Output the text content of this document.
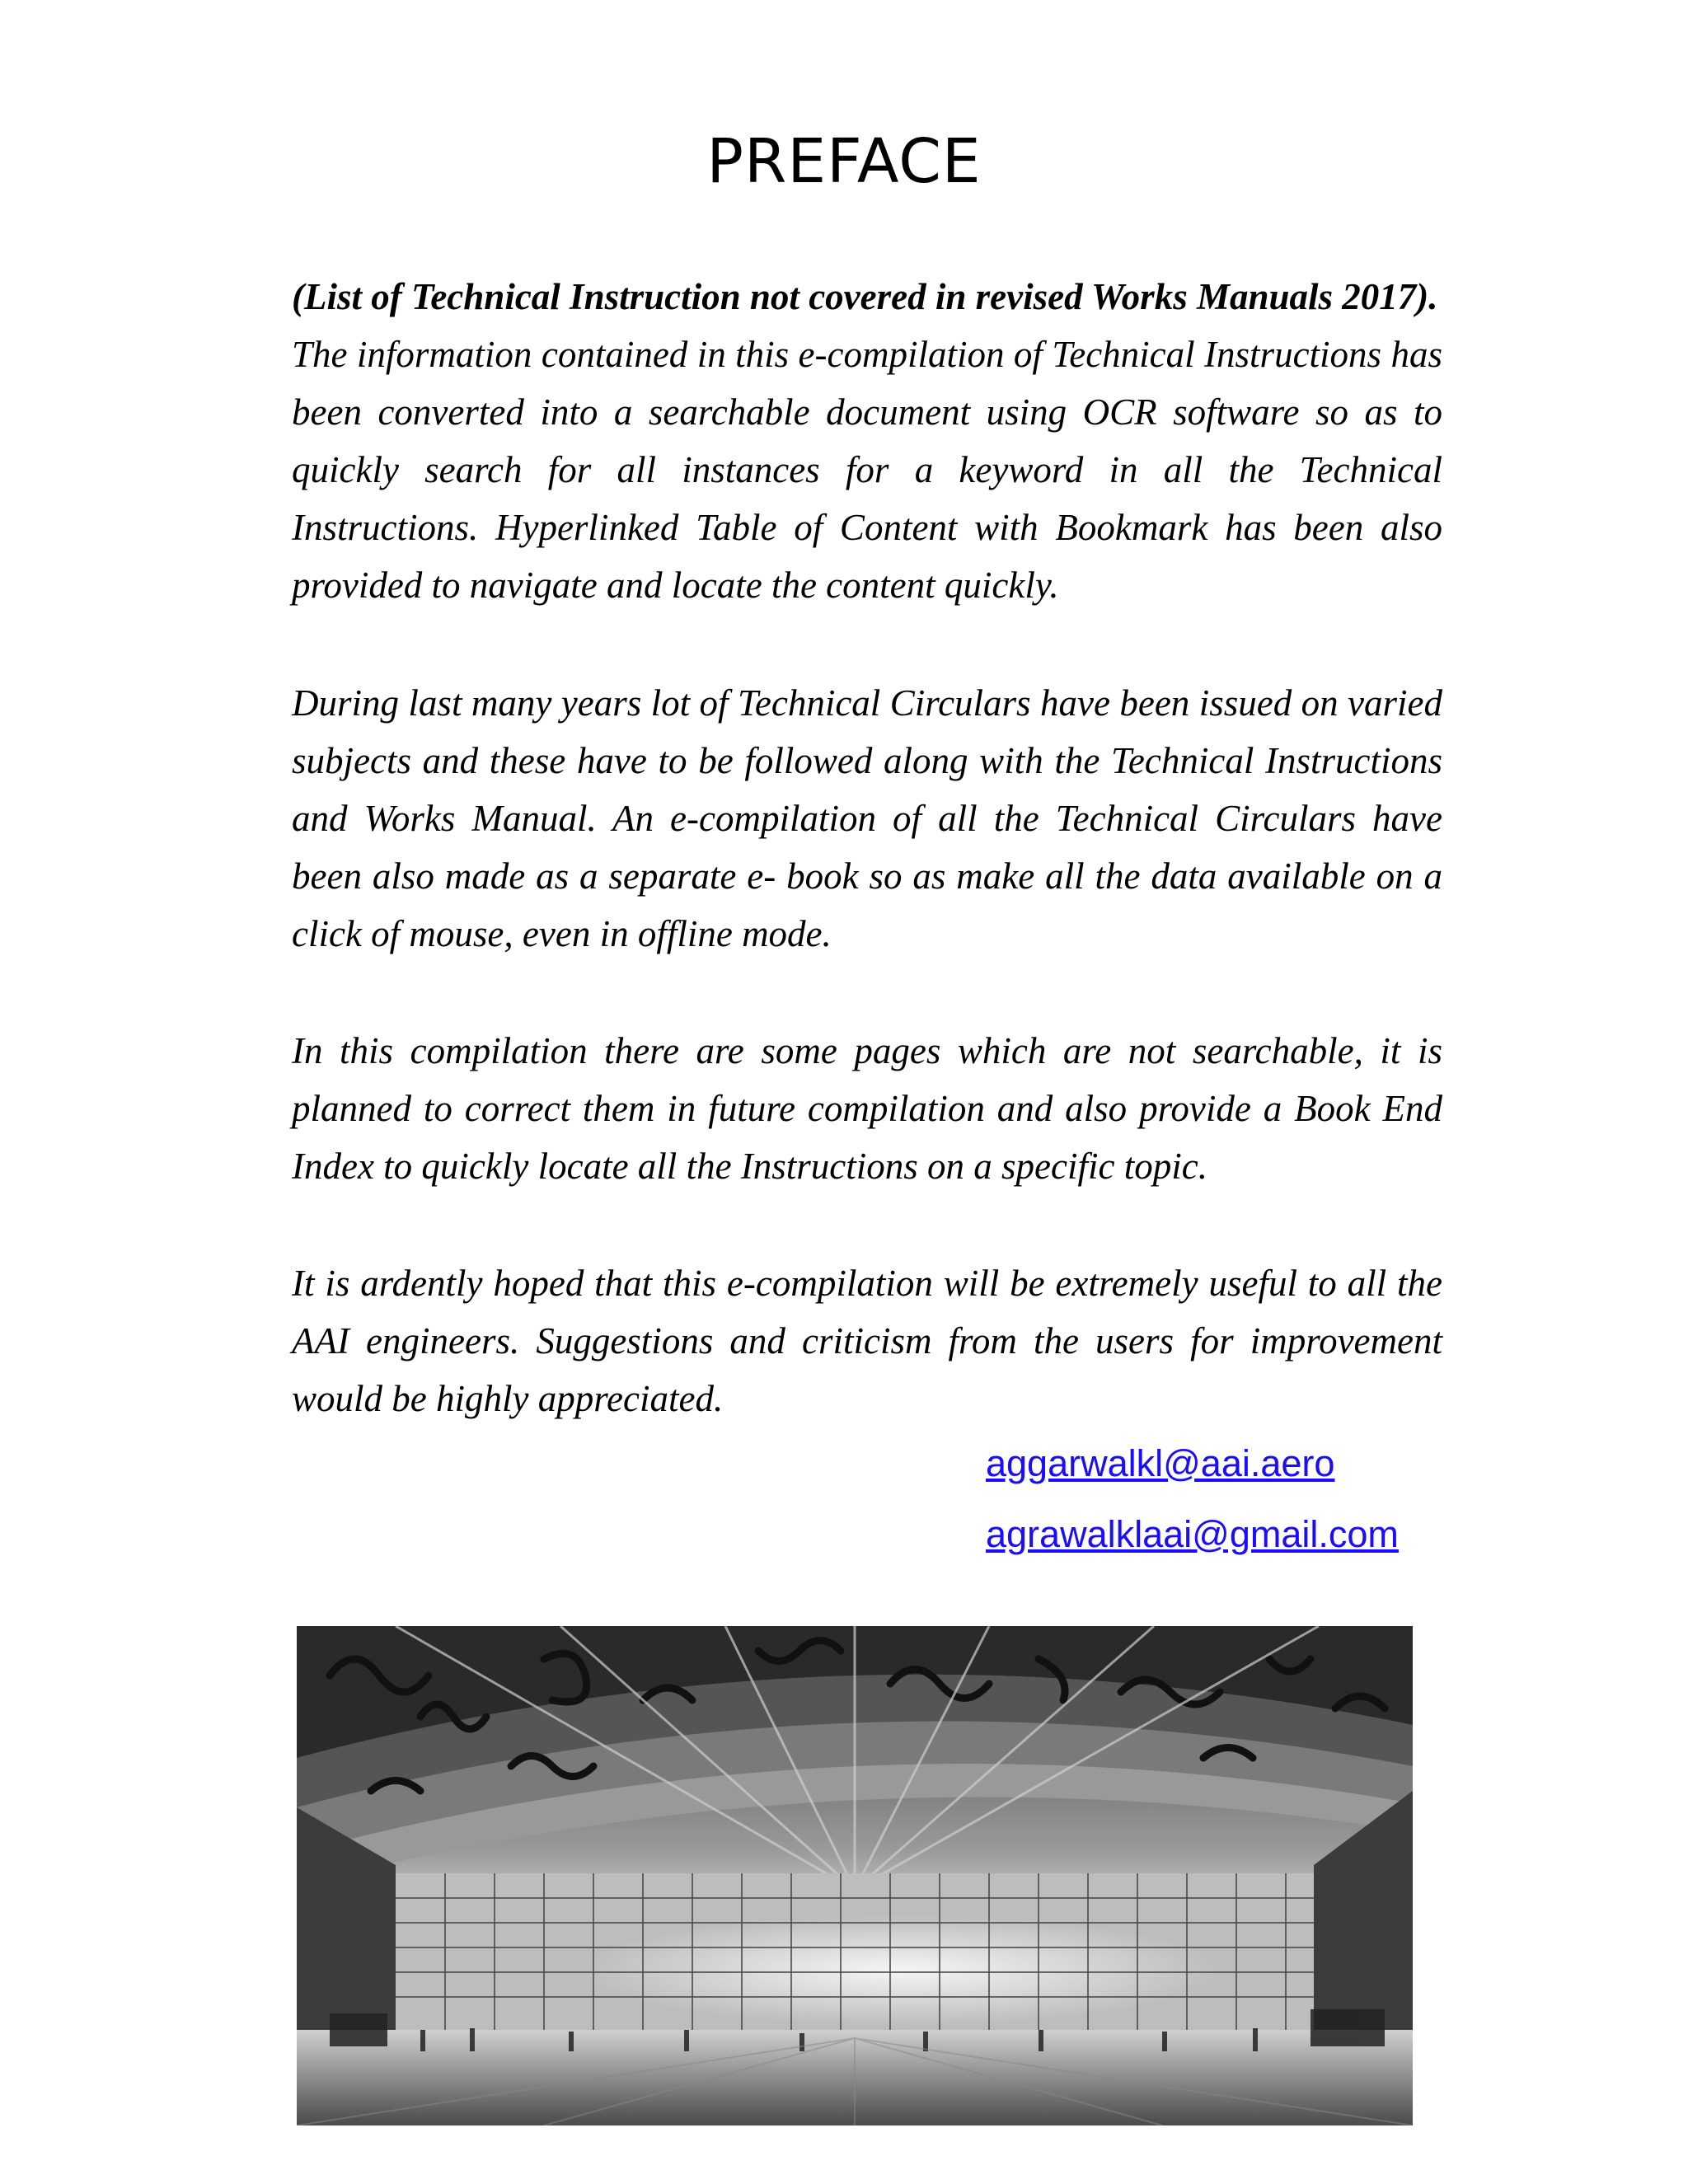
PREFACE

(List of Technical Instruction not covered in revised Works Manuals 2017).
The information contained in this e-compilation of Technical Instructions has been converted into a searchable document using OCR software so as to quickly search for all instances for a keyword in all the Technical Instructions. Hyperlinked Table of Content with Bookmark has been also provided to navigate and locate the content quickly.

During last many years lot of Technical Circulars have been issued on varied subjects and these have to be followed along with the Technical Instructions and Works Manual. An e-compilation of all the Technical Circulars have been also made as a separate e- book so as make all the data available on a click of mouse, even in offline mode.

In this compilation there are some pages which are not searchable, it is planned to correct them in future compilation and also provide a Book End Index to quickly locate all the Instructions on a specific topic.

It is ardently hoped that this e-compilation will be extremely useful to all the AAI engineers. Suggestions and criticism from the users for improvement would be highly appreciated.

aggarwalkl@aai.aero
agrawalklaai@gmail.com
